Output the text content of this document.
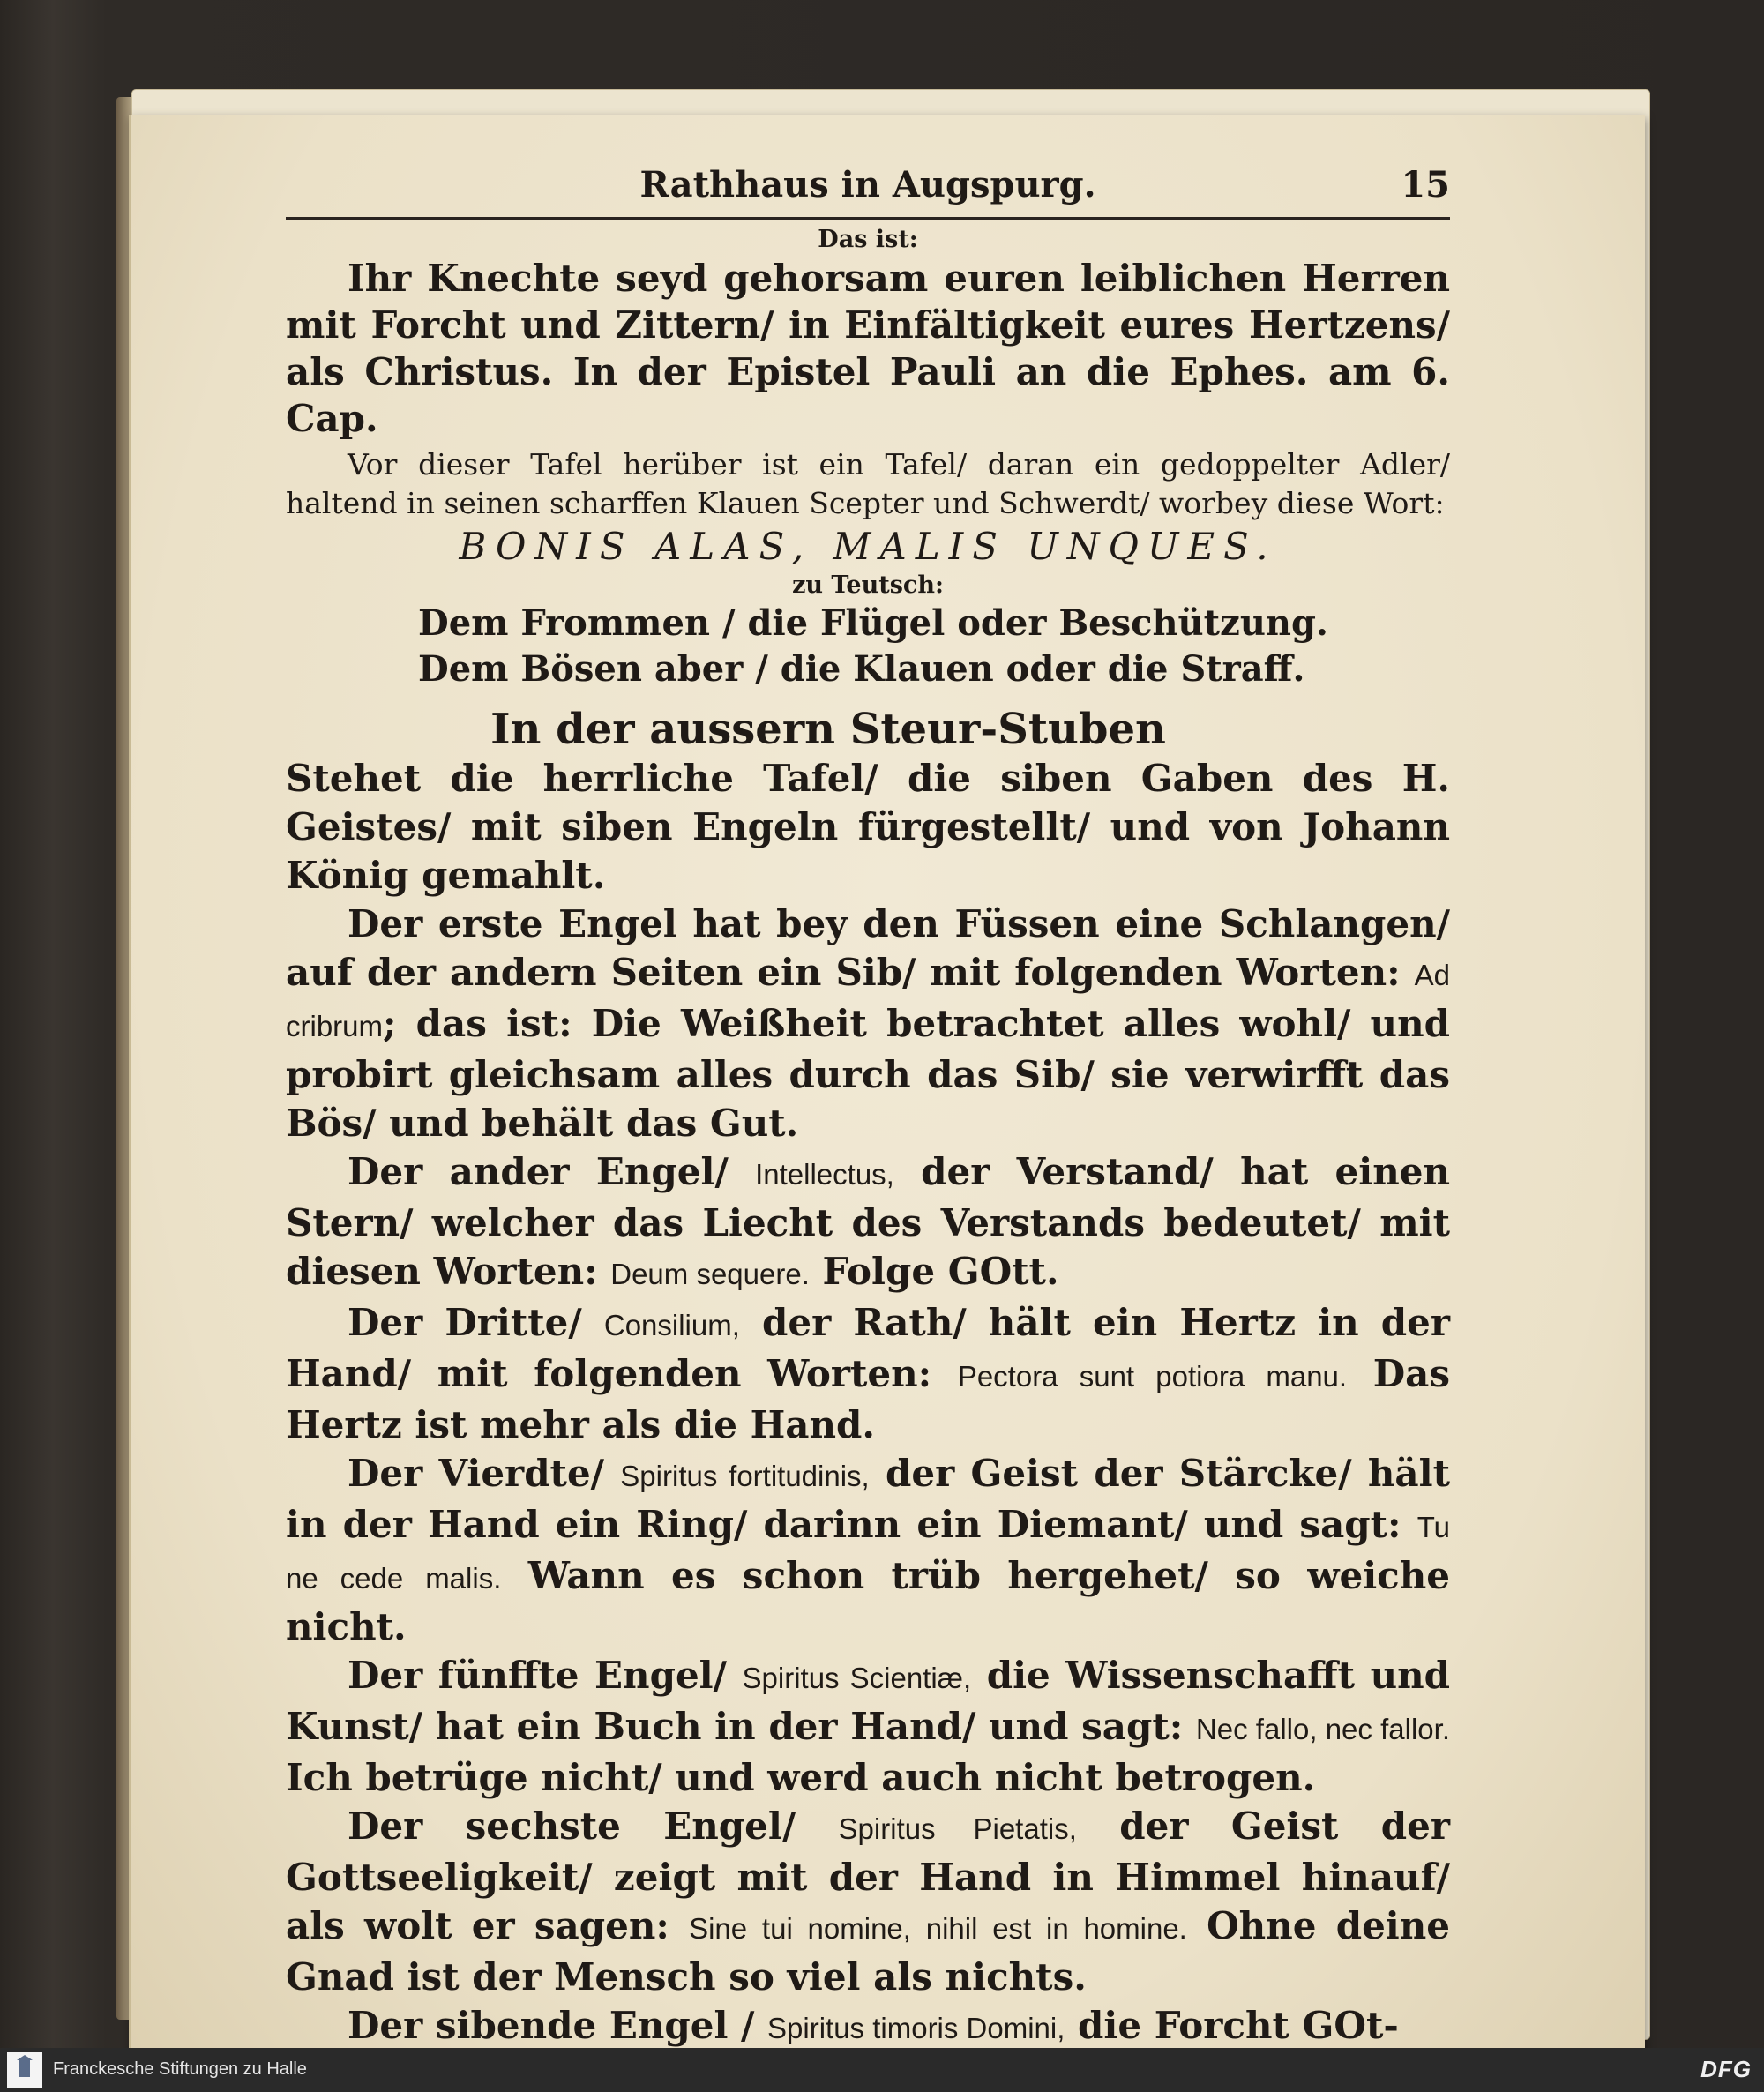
Rathhaus in Augspurg.	15
Das ist:

Ihr Knechte seyd gehorsam euren leiblichen Herren mit Forcht und Zittern/ in Einfältigkeit eures Hertzens/ als Christus. In der Epistel Pauli an die Ephes. am 6. Cap.

Vor dieser Tafel herüber ist ein Tafel/ daran ein gedoppelter Adler/ haltend in seinen scharffen Klauen Scepter und Schwerdt/ worbey diese Wort:

BONIS ALAS, MALIS UNQUES.
zu Teutsch:
Dem Frommen / die Flügel oder Beschützung.
Dem Bösen aber / die Klauen oder die Straff.
In der aussern Steur-Stuben

Stehet die herrliche Tafel/ die siben Gaben des H. Geistes/ mit siben Engeln fürgestellt/ und von Johann König gemahlt.

Der erste Engel hat bey den Füssen eine Schlangen/ auf der andern Seiten ein Sib/ mit folgenden Worten: Ad cribrum; das ist: Die Weißheit betrachtet alles wohl/ und probirt gleichsam alles durch das Sib/ sie verwirfft das Bös/ und behält das Gut.

Der ander Engel/ Intellectus, der Verstand/ hat einen Stern/ welcher das Liecht des Verstands bedeutet/ mit diesen Worten: Deum sequere. Folge GOtt.

Der Dritte/ Consilium, der Rath/ hält ein Hertz in der Hand/ mit folgenden Worten: Pectora sunt potiora manu. Das Hertz ist mehr als die Hand.

Der Vierdte/ Spiritus fortitudinis, der Geist der Stärcke/ hält in der Hand ein Ring/ darinn ein Diemant/ und sagt: Tu ne cede malis. Wann es schon trüb hergehet/ so weiche nicht.

Der fünffte Engel/ Spiritus Scientiæ, die Wissenschafft und Kunst/ hat ein Buch in der Hand/ und sagt: Nec fallo, nec fallor. Ich betrüge nicht/ und werd auch nicht betrogen.

Der sechste Engel/ Spiritus Pietatis, der Geist der Gottseeligkeit/ zeigt mit der Hand in Himmel hinauf/ als wolt er sagen: Sine tui nomine, nihil est in homine. Ohne deine Gnad ist der Mensch so viel als nichts.

Der sibende Engel / Spiritus timoris Domini, die Forcht GOt-

Franckesche Stiftungen zu Halle	DFG
